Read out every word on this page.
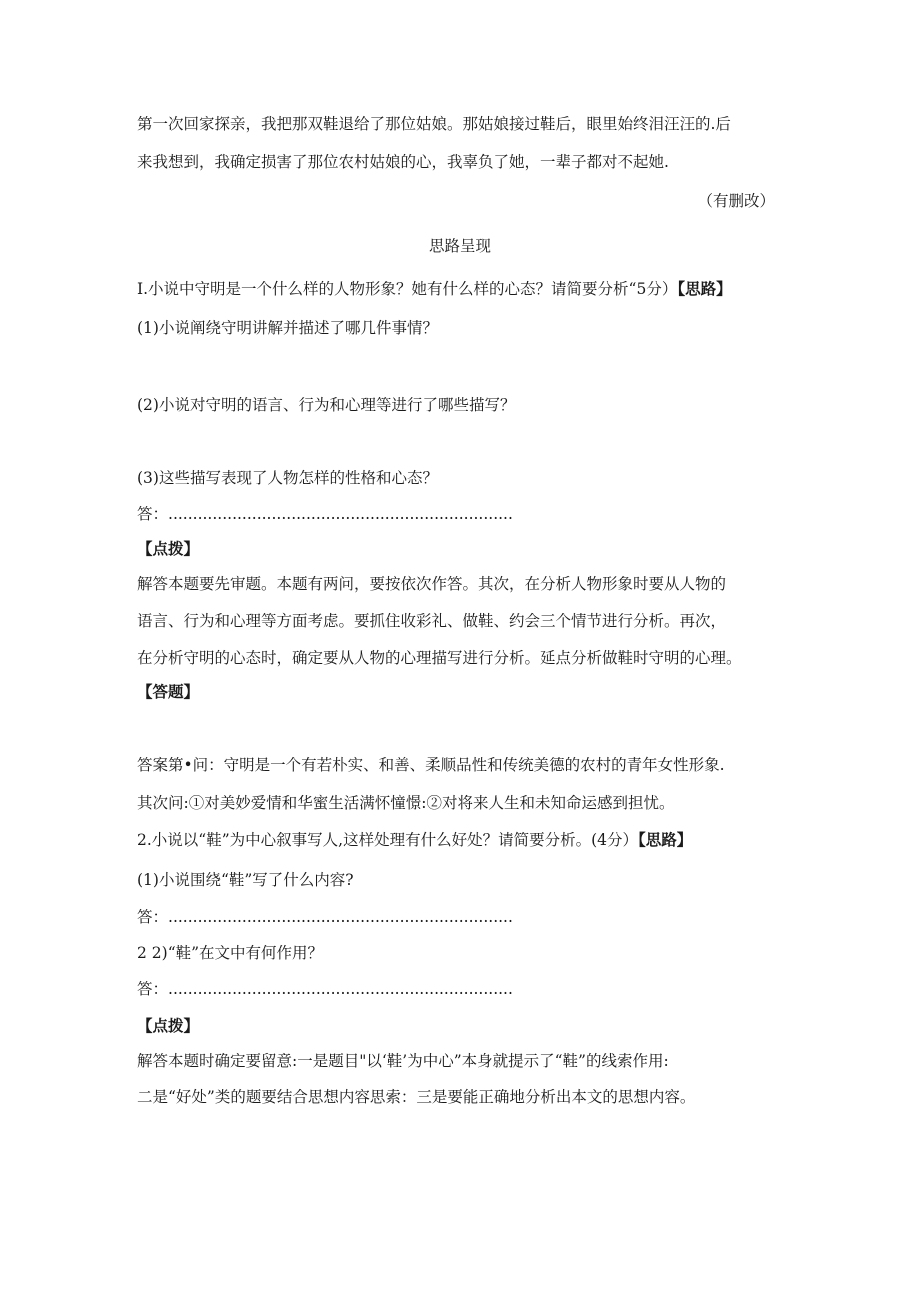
第一次回家探亲，我把那双鞋退给了那位姑娘。那姑娘接过鞋后，眼里始终泪汪汪的.后
来我想到，我确定损害了那位农村姑娘的心，我辜负了她，一辈子都对不起她.
（有删改）
思路呈现
I.小说中守明是一个什么样的人物形象？她有什么样的心态？请简要分析“5分）【思路】
(1)小说阐绕守明讲解并描述了哪几件事情？
(2)小说对守明的语言、行为和心理等进行了哪些描写？
(3)这些描写表现了人物怎样的性格和心态？
答：......................................................................
【点拨】
解答本题要先审题。本题有两问，要按依次作答。其次，在分析人物形象时要从人物的
语言、行为和心理等方面考虑。要抓住收彩礼、做鞋、约会三个情节进行分析。再次，
在分析守明的心态时，确定要从人物的心理描写进行分析。延点分析做鞋时守明的心理。
【答题】
答案第•问：守明是一个有若朴实、和善、柔顺品性和传统美德的农村的青年女性形象.
其次问:①对美妙爱情和华蜜生活满怀憧憬:②对将来人生和未知命运感到担忧。
2.小说以“鞋”为中心叙事写人,这样处理有什么好处？请简要分析。(4分）【思路】
(1)小说围绕“鞋”写了什么内容?
答：......................................................................
2 2)“鞋”在文中有何作用？
答：......................................................................
【点拨】
解答本题时确定要留意:一是题目"以‘鞋’为中心”本身就提示了“鞋”的线索作用:
二是“好处”类的题要结合思想内容思索：三是要能正确地分析出本文的思想内容。
